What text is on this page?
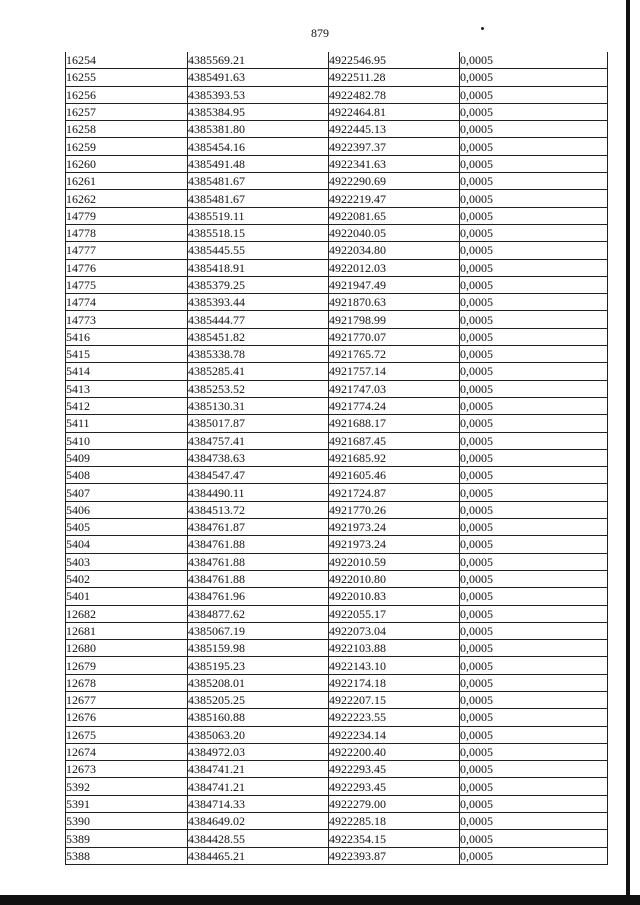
879
16254	4385569.21	4922546.95	0,0005
16255	4385491.63	4922511.28	0,0005
16256	4385393.53	4922482.78	0,0005
16257	4385384.95	4922464.81	0,0005
16258	4385381.80	4922445.13	0,0005
16259	4385454.16	4922397.37	0,0005
16260	4385491.48	4922341.63	0,0005
16261	4385481.67	4922290.69	0,0005
16262	4385481.67	4922219.47	0,0005
14779	4385519.11	4922081.65	0,0005
14778	4385518.15	4922040.05	0,0005
14777	4385445.55	4922034.80	0,0005
14776	4385418.91	4922012.03	0,0005
14775	4385379.25	4921947.49	0,0005
14774	4385393.44	4921870.63	0,0005
14773	4385444.77	4921798.99	0,0005
5416	4385451.82	4921770.07	0,0005
5415	4385338.78	4921765.72	0,0005
5414	4385285.41	4921757.14	0,0005
5413	4385253.52	4921747.03	0,0005
5412	4385130.31	4921774.24	0,0005
5411	4385017.87	4921688.17	0,0005
5410	4384757.41	4921687.45	0,0005
5409	4384738.63	4921685.92	0,0005
5408	4384547.47	4921605.46	0,0005
5407	4384490.11	4921724.87	0,0005
5406	4384513.72	4921770.26	0,0005
5405	4384761.87	4921973.24	0,0005
5404	4384761.88	4921973.24	0,0005
5403	4384761.88	4922010.59	0,0005
5402	4384761.88	4922010.80	0,0005
5401	4384761.96	4922010.83	0,0005
12682	4384877.62	4922055.17	0,0005
12681	4385067.19	4922073.04	0,0005
12680	4385159.98	4922103.88	0,0005
12679	4385195.23	4922143.10	0,0005
12678	4385208.01	4922174.18	0,0005
12677	4385205.25	4922207.15	0,0005
12676	4385160.88	4922223.55	0,0005
12675	4385063.20	4922234.14	0,0005
12674	4384972.03	4922200.40	0,0005
12673	4384741.21	4922293.45	0,0005
5392	4384741.21	4922293.45	0,0005
5391	4384714.33	4922279.00	0,0005
5390	4384649.02	4922285.18	0,0005
5389	4384428.55	4922354.15	0,0005
5388	4384465.21	4922393.87	0,0005
